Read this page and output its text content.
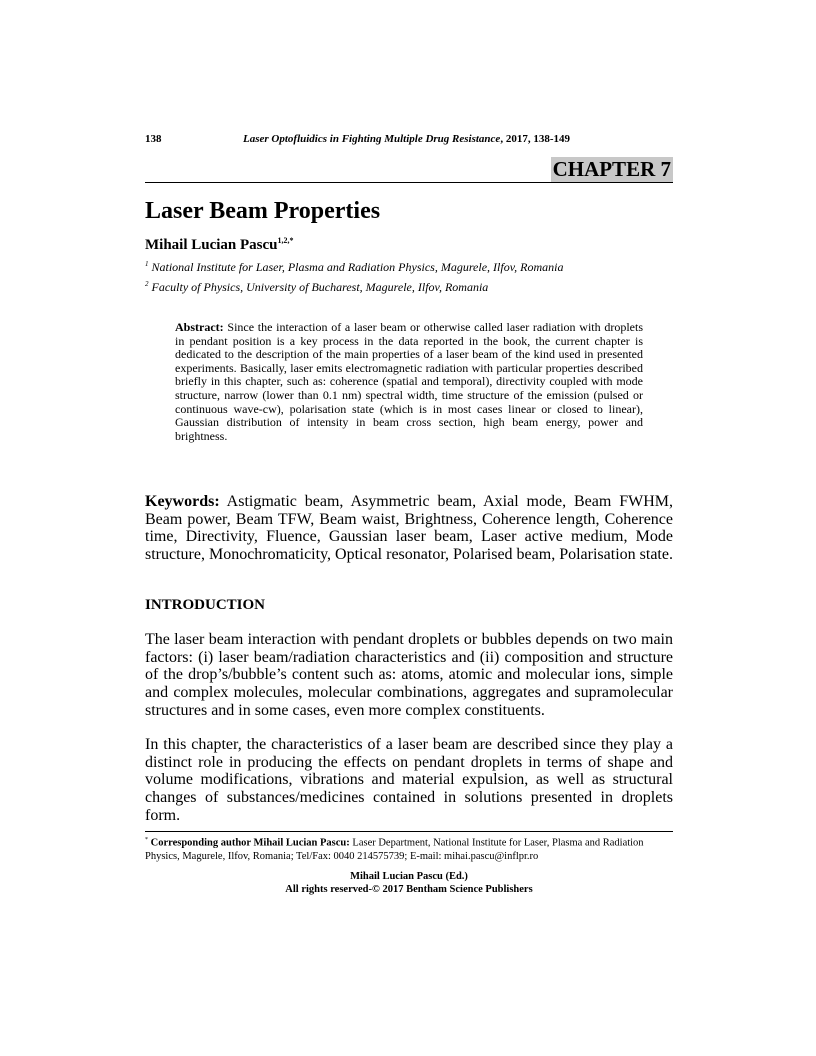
138	Laser Optofluidics in Fighting Multiple Drug Resistance, 2017, 138-149
CHAPTER 7
Laser Beam Properties
Mihail Lucian Pascu$^{1,2,*}$
$^1$ National Institute for Laser, Plasma and Radiation Physics, Magurele, Ilfov, Romania
$^2$ Faculty of Physics, University of Bucharest, Magurele, Ilfov, Romania
Abstract: Since the interaction of a laser beam or otherwise called laser radiation with droplets in pendant position is a key process in the data reported in the book, the current chapter is dedicated to the description of the main properties of a laser beam of the kind used in presented experiments. Basically, laser emits electromagnetic radiation with particular properties described briefly in this chapter, such as: coherence (spatial and temporal), directivity coupled with mode structure, narrow (lower than 0.1 nm) spectral width, time structure of the emission (pulsed or continuous wave-cw), polarisation state (which is in most cases linear or closed to linear), Gaussian distribution of intensity in beam cross section, high beam energy, power and brightness.
Keywords: Astigmatic beam, Asymmetric beam, Axial mode, Beam FWHM, Beam power, Beam TFW, Beam waist, Brightness, Coherence length, Coherence time, Directivity, Fluence, Gaussian laser beam, Laser active medium, Mode structure, Monochromaticity, Optical resonator, Polarised beam, Polarisation state.
INTRODUCTION
The laser beam interaction with pendant droplets or bubbles depends on two main factors: (i) laser beam/radiation characteristics and (ii) composition and structure of the drop’s/bubble’s content such as: atoms, atomic and molecular ions, simple and complex molecules, molecular combinations, aggregates and supramolecular structures and in some cases, even more complex constituents.
In this chapter, the characteristics of a laser beam are described since they play a distinct role in producing the effects on pendant droplets in terms of shape and volume modifications, vibrations and material expulsion, as well as structural changes of substances/medicines contained in solutions presented in droplets form.
* Corresponding author Mihail Lucian Pascu: Laser Department, National Institute for Laser, Plasma and Radiation Physics, Magurele, Ilfov, Romania; Tel/Fax: 0040 214575739; E-mail: mihai.pascu@inflpr.ro
Mihail Lucian Pascu (Ed.)
All rights reserved-© 2017 Bentham Science Publishers
